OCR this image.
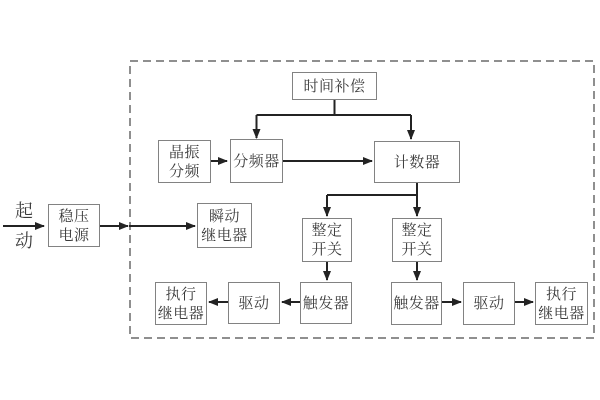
起
动
稳压
电源
瞬动
继电器
时间补偿
晶振
分频
分频器	计数器
整定
开关
整定
开关
触发器
驱动
执行
继电器
触发器 驱动
执行
继电器
